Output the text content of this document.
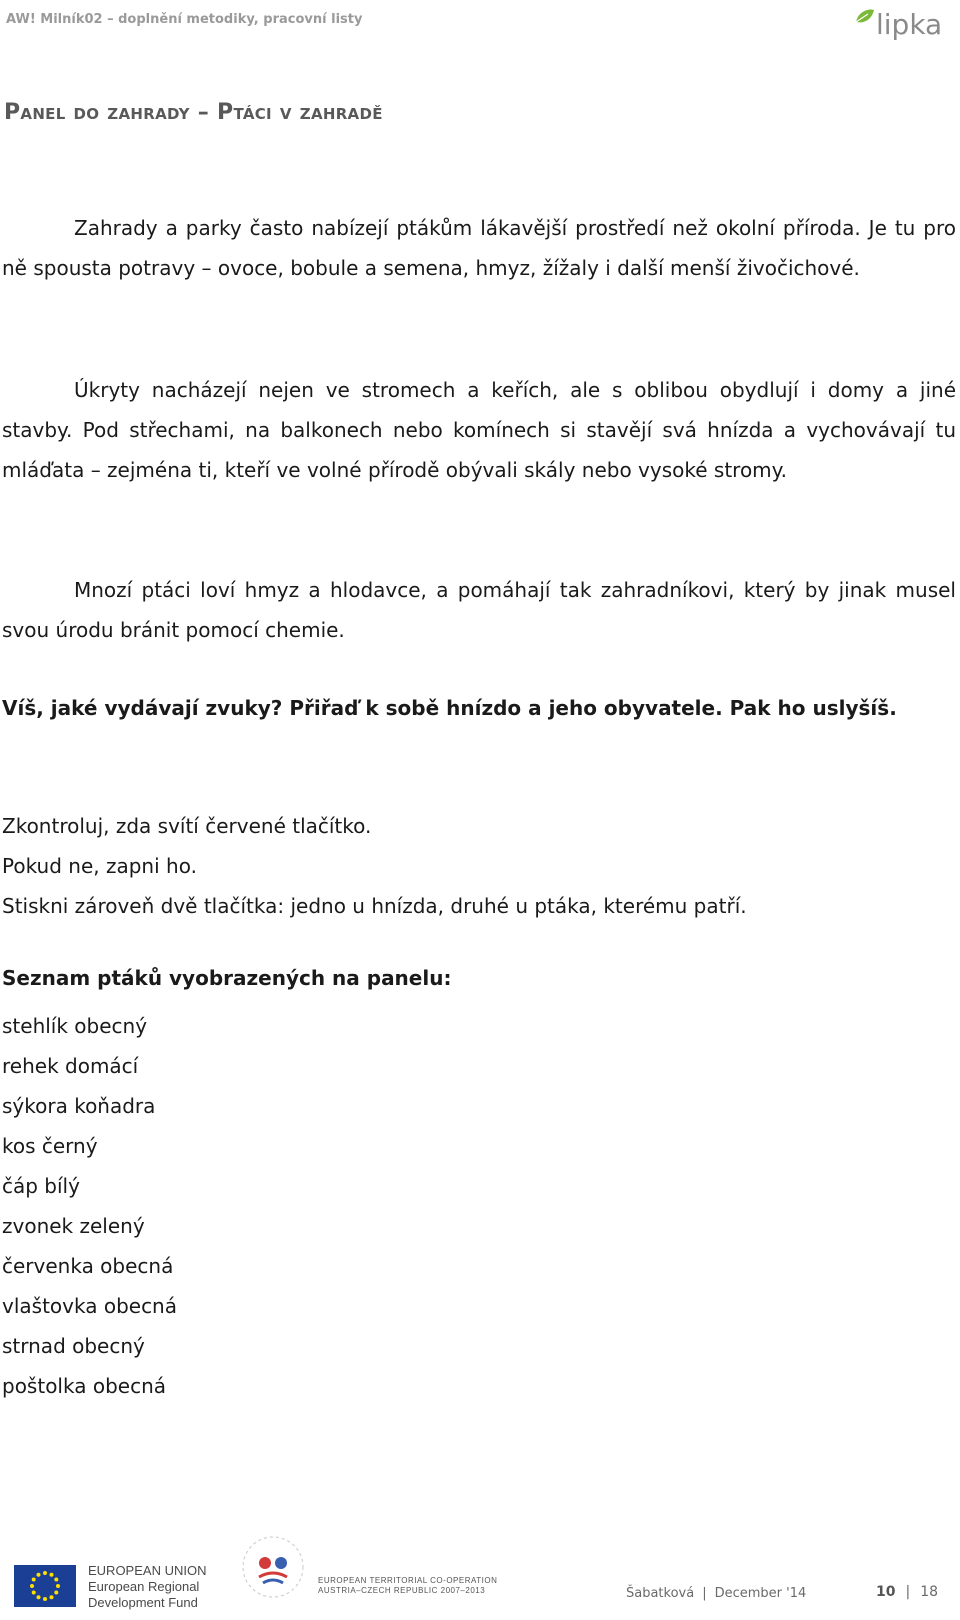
AW! Milník02 – doplnění metodiky, pracovní listy	lipka
Panel do zahrady – Ptáci v zahradě
Zahrady a parky často nabízejí ptákům lákavější prostředí než okolní příroda. Je tu pro ně spousta potravy – ovoce, bobule a semena, hmyz, žížaly i další menší živočichové.
Úkryty nacházejí nejen ve stromech a keřích, ale s oblibou obydlují i domy a jiné stavby. Pod střechami, na balkonech nebo komínech si stavějí svá hnízda a vychovávají tu mláďata – zejména ti, kteří ve volné přírodě obývali skály nebo vysoké stromy.
Mnozí ptáci loví hmyz a hlodavce, a pomáhají tak zahradníkovi, který by jinak musel svou úrodu bránit pomocí chemie.
Víš, jaké vydávají zvuky? Přiřaď k sobě hnízdo a jeho obyvatele. Pak ho uslyšíš.
Zkontroluj, zda svítí červené tlačítko.
Pokud ne, zapni ho.
Stiskni zároveň dvě tlačítka: jedno u hnízda, druhé u ptáka, kterému patří.
Seznam ptáků vyobrazených na panelu:
stehlík obecný
rehek domácí
sýkora koňadra
kos černý
čáp bílý
zvonek zelený
červenka obecná
vlaštovka obecná
strnad obecný
poštolka obecná
EUROPEAN UNION
European Regional
Development Fund
EUROPEAN TERRITORIAL CO-OPERATION
AUSTRIA–CZECH REPUBLIC 2007–2013	Šabatková | December '14	10 | 18
